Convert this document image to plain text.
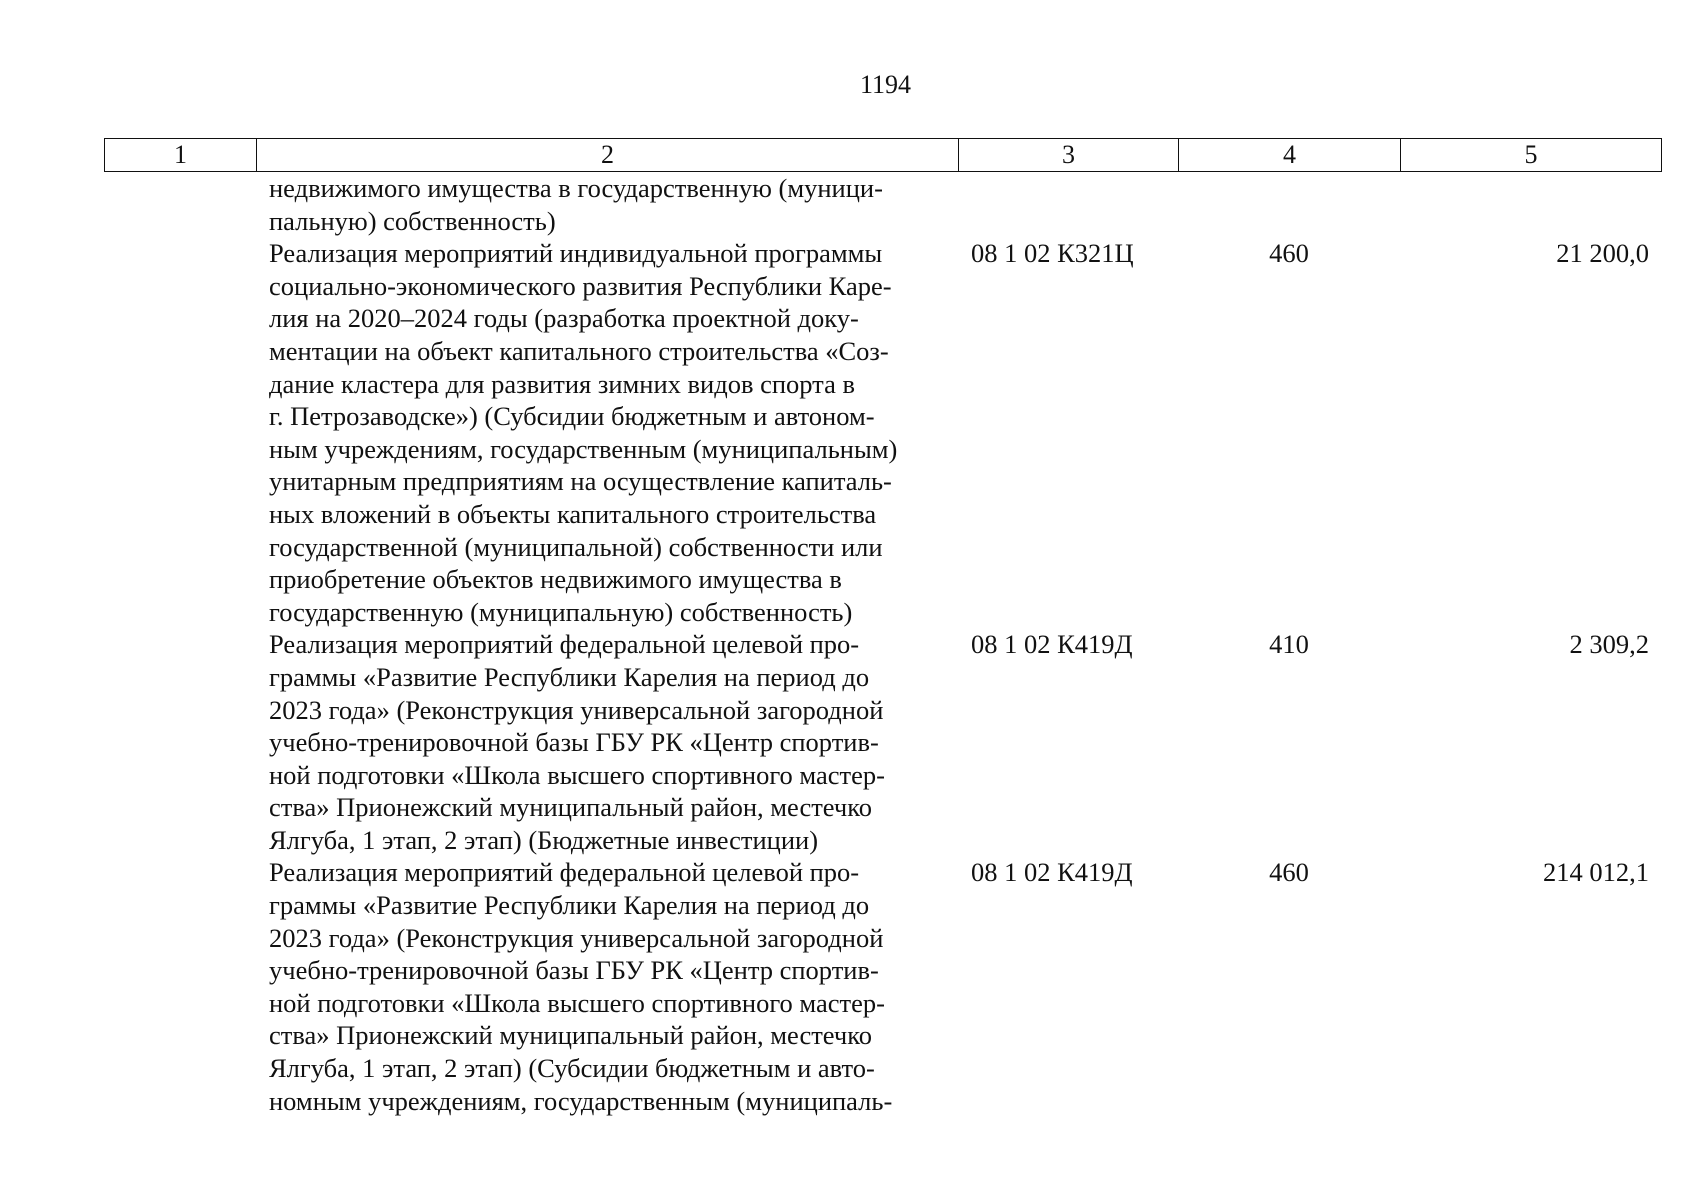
1194
1	2	3	4	5
недвижимого имущества в государственную (муници-
пальную) собственность)
Реализация мероприятий индивидуальной программы
социально-экономического развития Республики Каре-
лия на 2020–2024 годы (разработка проектной доку-
ментации на объект капитального строительства «Соз-
дание кластера для развития зимних видов спорта в
г. Петрозаводске») (Субсидии бюджетным и автоном-
ным учреждениям, государственным (муниципальным)
унитарным предприятиям на осуществление капиталь-
ных вложений в объекты капитального строительства
государственной (муниципальной) собственности или
приобретение объектов недвижимого имущества в
государственную (муниципальную) собственность)
08 1 02 К321Ц	460	21 200,0
Реализация мероприятий федеральной целевой про-
граммы «Развитие Республики Карелия на период до
2023 года» (Реконструкция универсальной загородной
учебно-тренировочной базы ГБУ РК «Центр спортив-
ной подготовки «Школа высшего спортивного мастер-
ства» Прионежский муниципальный район, местечко
Ялгуба, 1 этап, 2 этап) (Бюджетные инвестиции)
08 1 02 К419Д	410	2 309,2
Реализация мероприятий федеральной целевой про-
граммы «Развитие Республики Карелия на период до
2023 года» (Реконструкция универсальной загородной
учебно-тренировочной базы ГБУ РК «Центр спортив-
ной подготовки «Школа высшего спортивного мастер-
ства» Прионежский муниципальный район, местечко
Ялгуба, 1 этап, 2 этап) (Субсидии бюджетным и авто-
номным учреждениям, государственным (муниципаль-
08 1 02 К419Д	460	214 012,1
